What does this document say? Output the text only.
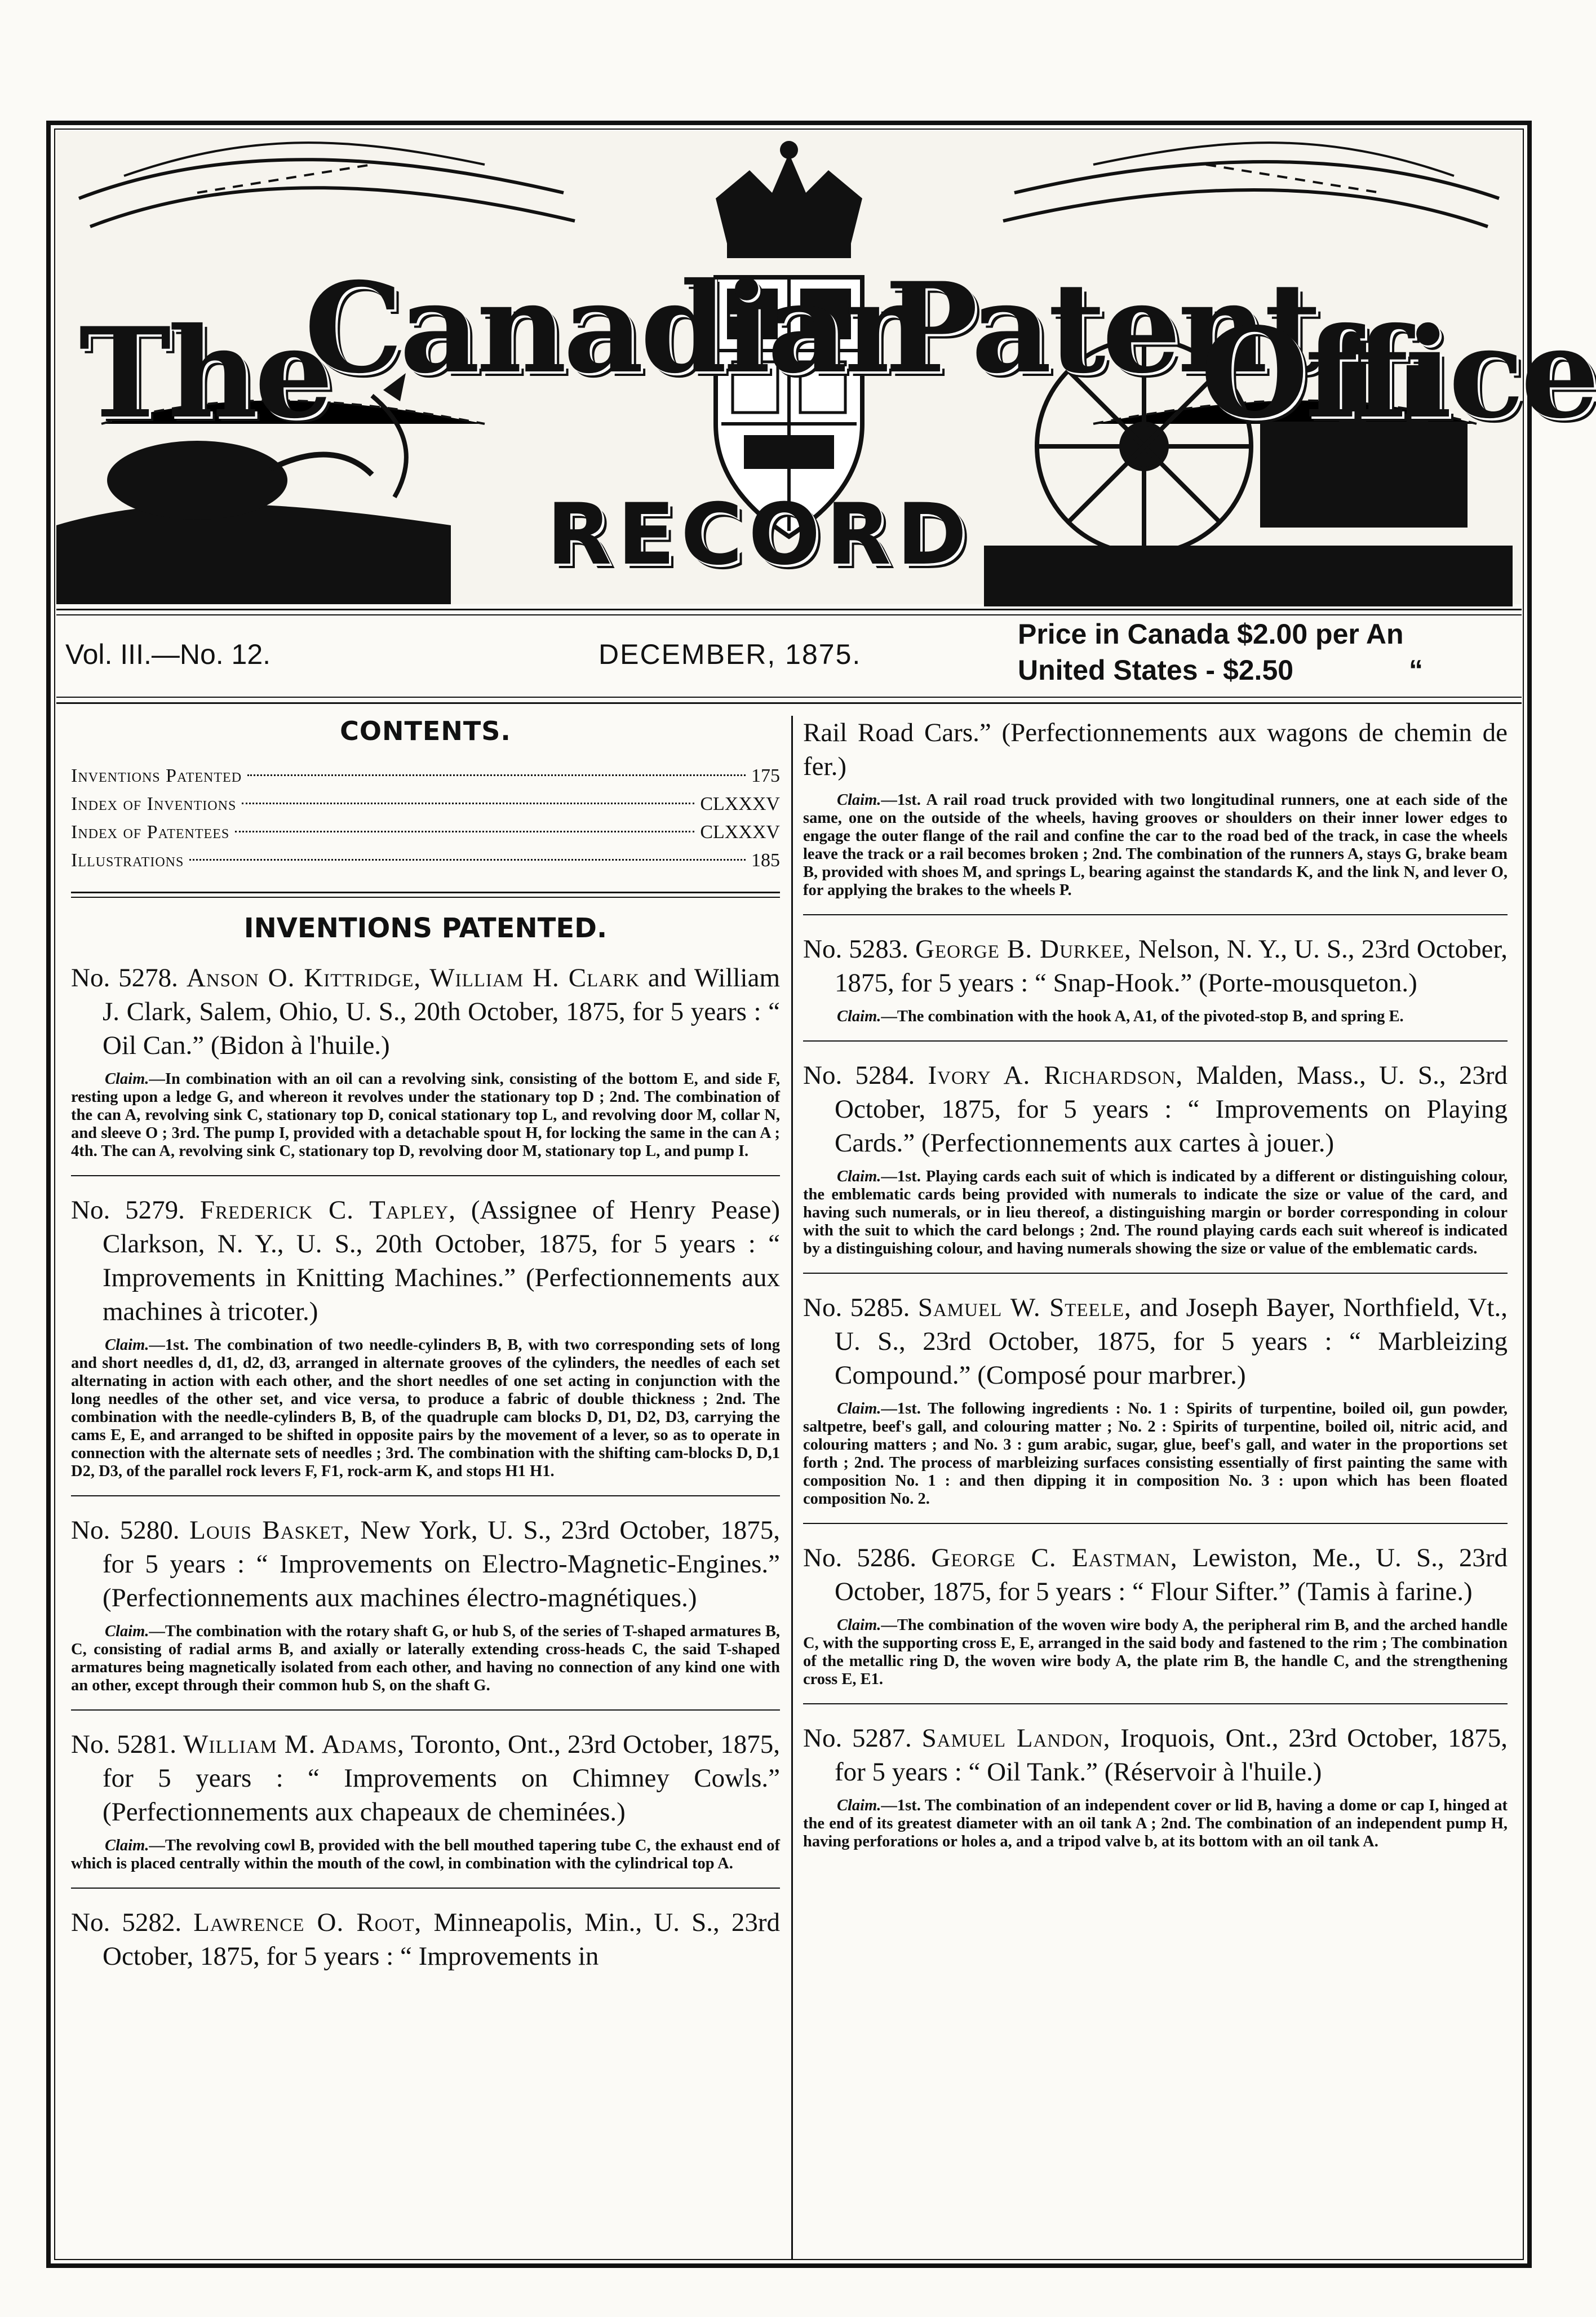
The
Canadian
Patent
Office
RECORD
Vol. III.—No. 12.	DECEMBER, 1875.
Price in Canada $2.00 per An
United States - $2.50	“
CONTENTS.
Inventions Patented	175
Index of Inventions	CLXXXV
Index of Patentees	CLXXXV
Illustrations	185
INVENTIONS PATENTED.

No. 5278. Anson O. Kittridge, William H. Clark and William J. Clark, Salem, Ohio, U. S., 20th October, 1875, for 5 years : “ Oil Can.” (Bidon à l'huile.)

Claim.—In combination with an oil can a revolving sink, consisting of the bottom E, and side F, resting upon a ledge G, and whereon it revolves under the stationary top D ; 2nd. The combination of the can A, revolving sink C, stationary top D, conical stationary top L, and revolving door M, collar N, and sleeve O ; 3rd. The pump I, provided with a detachable spout H, for locking the same in the can A ; 4th. The can A, revolving sink C, stationary top D, revolving door M, stationary top L, and pump I.

No. 5279. Frederick C. Tapley, (Assignee of Henry Pease) Clarkson, N. Y., U. S., 20th October, 1875, for 5 years : “ Improvements in Knitting Machines.” (Perfectionnements aux machines à tricoter.)

Claim.—1st. The combination of two needle-cylinders B, B, with two corresponding sets of long and short needles d, d1, d2, d3, arranged in alternate grooves of the cylinders, the needles of each set alternating in action with each other, and the short needles of one set acting in conjunction with the long needles of the other set, and vice versa, to produce a fabric of double thickness ; 2nd. The combination with the needle-cylinders B, B, of the quadruple cam blocks D, D1, D2, D3, carrying the cams E, E, and arranged to be shifted in opposite pairs by the movement of a lever, so as to operate in connection with the alternate sets of needles ; 3rd. The combination with the shifting cam-blocks D, D,1 D2, D3, of the parallel rock levers F, F1, rock-arm K, and stops H1 H1.

No. 5280. Louis Basket, New York, U. S., 23rd October, 1875, for 5 years : “ Improvements on Electro-Magnetic-Engines.” (Perfectionnements aux machines électro-magnétiques.)

Claim.—The combination with the rotary shaft G, or hub S, of the series of T-shaped armatures B, C, consisting of radial arms B, and axially or laterally extending cross-heads C, the said T-shaped armatures being magnetically isolated from each other, and having no connection of any kind one with an other, except through their common hub S, on the shaft G.

No. 5281. William M. Adams, Toronto, Ont., 23rd October, 1875, for 5 years : “ Improvements on Chimney Cowls.” (Perfectionnements aux chapeaux de cheminées.)

Claim.—The revolving cowl B, provided with the bell mouthed tapering tube C, the exhaust end of which is placed centrally within the mouth of the cowl, in combination with the cylindrical top A.

No. 5282. Lawrence O. Root, Minneapolis, Min., U. S., 23rd October, 1875, for 5 years : “ Improvements in

Rail Road Cars.” (Perfectionnements aux wagons de chemin de fer.)

Claim.—1st. A rail road truck provided with two longitudinal runners, one at each side of the same, one on the outside of the wheels, having grooves or shoulders on their inner lower edges to engage the outer flange of the rail and confine the car to the road bed of the track, in case the wheels leave the track or a rail becomes broken ; 2nd. The combination of the runners A, stays G, brake beam B, provided with shoes M, and springs L, bearing against the standards K, and the link N, and lever O, for applying the brakes to the wheels P.

No. 5283. George B. Durkee, Nelson, N. Y., U. S., 23rd October, 1875, for 5 years : “ Snap-Hook.” (Porte-mousqueton.)

Claim.—The combination with the hook A, A1, of the pivoted-stop B, and spring E.

No. 5284. Ivory A. Richardson, Malden, Mass., U. S., 23rd October, 1875, for 5 years : “ Improvements on Playing Cards.” (Perfectionnements aux cartes à jouer.)

Claim.—1st. Playing cards each suit of which is indicated by a different or distinguishing colour, the emblematic cards being provided with numerals to indicate the size or value of the card, and having such numerals, or in lieu thereof, a distinguishing margin or border corresponding in colour with the suit to which the card belongs ; 2nd. The round playing cards each suit whereof is indicated by a distinguishing colour, and having numerals showing the size or value of the emblematic cards.

No. 5285. Samuel W. Steele, and Joseph Bayer, Northfield, Vt., U. S., 23rd October, 1875, for 5 years : “ Marbleizing Compound.” (Composé pour marbrer.)

Claim.—1st. The following ingredients : No. 1 : Spirits of turpentine, boiled oil, gun powder, saltpetre, beef's gall, and colouring matter ; No. 2 : Spirits of turpentine, boiled oil, nitric acid, and colouring matters ; and No. 3 : gum arabic, sugar, glue, beef's gall, and water in the proportions set forth ; 2nd. The process of marbleizing surfaces consisting essentially of first painting the same with composition No. 1 : and then dipping it in composition No. 3 : upon which has been floated composition No. 2.

No. 5286. George C. Eastman, Lewiston, Me., U. S., 23rd October, 1875, for 5 years : “ Flour Sifter.” (Tamis à farine.)

Claim.—The combination of the woven wire body A, the peripheral rim B, and the arched handle C, with the supporting cross E, E, arranged in the said body and fastened to the rim ; The combination of the metallic ring D, the woven wire body A, the plate rim B, the handle C, and the strengthening cross E, E1.

No. 5287. Samuel Landon, Iroquois, Ont., 23rd October, 1875, for 5 years : “ Oil Tank.” (Réservoir à l'huile.)

Claim.—1st. The combination of an independent cover or lid B, having a dome or cap I, hinged at the end of its greatest diameter with an oil tank A ; 2nd. The combination of an independent pump H, having perforations or holes a, and a tripod valve b, at its bottom with an oil tank A.
